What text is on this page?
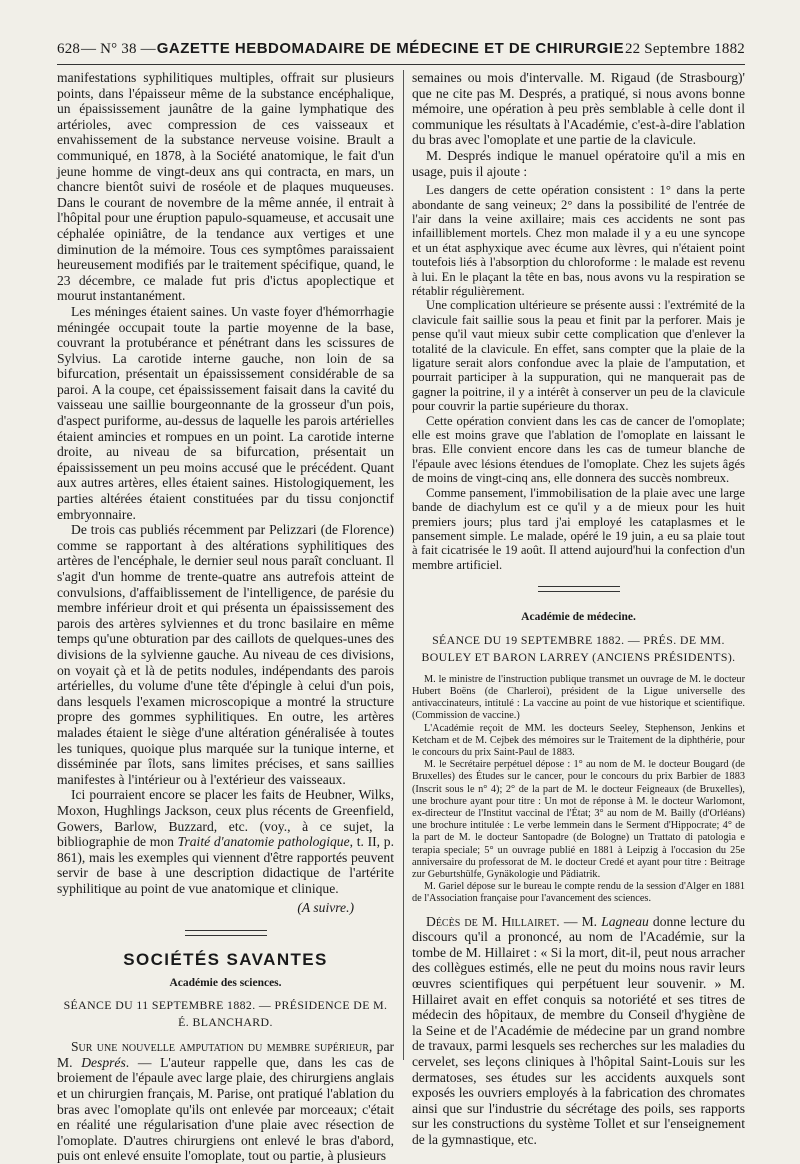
628 — N° 38 — GAZETTE HEBDOMADAIRE DE MÉDECINE ET DE CHIRURGIE 22 Septembre 1882

manifestations syphilitiques multiples, offrait sur plusieurs points, dans l'épaisseur même de la substance encéphalique, un épaississement jaunâtre de la gaine lymphatique des artérioles, avec compression de ces vaisseaux et envahissement de la substance nerveuse voisine. Brault a communiqué, en 1878, à la Société anatomique, le fait d'un jeune homme de vingt-deux ans qui contracta, en mars, un chancre bientôt suivi de roséole et de plaques muqueuses. Dans le courant de novembre de la même année, il entrait à l'hôpital pour une éruption papulo-squameuse, et accusait une céphalée opiniâtre, de la tendance aux vertiges et une diminution de la mémoire. Tous ces symptômes paraissaient heureusement modifiés par le traitement spécifique, quand, le 23 décembre, ce malade fut pris d'ictus apoplectique et mourut instantanément.

Les méninges étaient saines. Un vaste foyer d'hémorrhagie méningée occupait toute la partie moyenne de la base, couvrant la protubérance et pénétrant dans les scissures de Sylvius. La carotide interne gauche, non loin de sa bifurcation, présentait un épaississement considérable de sa paroi. A la coupe, cet épaississement faisait dans la cavité du vaisseau une saillie bourgeonnante de la grosseur d'un pois, d'aspect puriforme, au-dessus de laquelle les parois artérielles étaient amincies et rompues en un point. La carotide interne droite, au niveau de sa bifurcation, présentait un épaississement un peu moins accusé que le précédent. Quant aux autres artères, elles étaient saines. Histologiquement, les parties altérées étaient constituées par du tissu conjonctif embryonnaire.

De trois cas publiés récemment par Pelizzari (de Florence) comme se rapportant à des altérations syphilitiques des artères de l'encéphale, le dernier seul nous paraît concluant. Il s'agit d'un homme de trente-quatre ans autrefois atteint de convulsions, d'affaiblissement de l'intelligence, de parésie du membre inférieur droit et qui présenta un épaississement des parois des artères sylviennes et du tronc basilaire en même temps qu'une obturation par des caillots de quelques-unes des divisions de la sylvienne gauche. Au niveau de ces divisions, on voyait çà et là de petits nodules, indépendants des parois artérielles, du volume d'une tête d'épingle à celui d'un pois, dans lesquels l'examen microscopique a montré la structure propre des gommes syphilitiques. En outre, les artères malades étaient le siège d'une altération généralisée à toutes les tuniques, quoique plus marquée sur la tunique interne, et disséminée par îlots, sans limites précises, et sans saillies manifestes à l'intérieur ou à l'extérieur des vaisseaux.

Ici pourraient encore se placer les faits de Heubner, Wilks, Moxon, Hughlings Jackson, ceux plus récents de Greenfield, Gowers, Barlow, Buzzard, etc. (voy., à ce sujet, la bibliographie de mon Traité d'anatomie pathologique, t. II, p. 861), mais les exemples qui viennent d'être rapportés peuvent servir de base à une description didactique de l'artérite syphilitique au point de vue anatomique et clinique.

(A suivre.)
SOCIÉTÉS SAVANTES
Académie des sciences.
SÉANCE DU 11 SEPTEMBRE 1882. — PRÉSIDENCE DE M. É. BLANCHARD.

Sur une nouvelle amputation du membre supérieur, par M. Després. — L'auteur rappelle que, dans les cas de broiement de l'épaule avec large plaie, des chirurgiens anglais et un chirurgien français, M. Parise, ont pratiqué l'ablation du bras avec l'omoplate qu'ils ont enlevée par morceaux; c'était en réalité une régularisation d'une plaie avec résection de l'omoplate. D'autres chirurgiens ont enlevé le bras d'abord, puis ont enlevé ensuite l'omoplate, tout ou partie, à plusieurs

semaines ou mois d'intervalle. M. Rigaud (de Strasbourg)' que ne cite pas M. Després, a pratiqué, si nous avons bonne mémoire, une opération à peu près semblable à celle dont il communique les résultats à l'Académie, c'est-à-dire l'ablation du bras avec l'omoplate et une partie de la clavicule.

M. Després indique le manuel opératoire qu'il a mis en usage, puis il ajoute :

Les dangers de cette opération consistent : 1° dans la perte abondante de sang veineux; 2° dans la possibilité de l'entrée de l'air dans la veine axillaire; mais ces accidents ne sont pas infailliblement mortels. Chez mon malade il y a eu une syncope et un état asphyxique avec écume aux lèvres, qui n'étaient point toutefois liés à l'absorption du chloroforme : le malade est revenu à lui. En le plaçant la tête en bas, nous avons vu la respiration se rétablir régulièrement.

Une complication ultérieure se présente aussi : l'extrémité de la clavicule fait saillie sous la peau et finit par la perforer. Mais je pense qu'il vaut mieux subir cette complication que d'enlever la totalité de la clavicule. En effet, sans compter que la plaie de la ligature serait alors confondue avec la plaie de l'amputation, et pourrait participer à la suppuration, qui ne manquerait pas de gagner la poitrine, il y a intérêt à conserver un peu de la clavicule pour couvrir la partie supérieure du thorax.

Cette opération convient dans les cas de cancer de l'omoplate; elle est moins grave que l'ablation de l'omoplate en laissant le bras. Elle convient encore dans les cas de tumeur blanche de l'épaule avec lésions étendues de l'omoplate. Chez les sujets âgés de moins de vingt-cinq ans, elle donnera des succès nombreux.

Comme pansement, l'immobilisation de la plaie avec une large bande de diachylum est ce qu'il y a de mieux pour les huit premiers jours; plus tard j'ai employé les cataplasmes et le pansement simple. Le malade, opéré le 19 juin, a eu sa plaie tout à fait cicatrisée le 19 août. Il attend aujourd'hui la confection d'un membre artificiel.

Académie de médecine.
SÉANCE DU 19 SEPTEMBRE 1882. — PRÉS. DE MM. BOULEY ET BARON LARREY (ANCIENS PRÉSIDENTS).

M. le ministre de l'instruction publique transmet un ouvrage de M. le docteur Hubert Boëns (de Charleroi), président de la Ligue universelle des antivaccinateurs, intitulé : La vaccine au point de vue historique et scientifique. (Commission de vaccine.)

L'Académie reçoit de MM. les docteurs Seeley, Stephenson, Jenkins et Ketcham et de M. Cejbek des mémoires sur le Traitement de la diphthérie, pour le concours du prix Saint-Paul de 1883.

M. le Secrétaire perpétuel dépose : 1° au nom de M. le docteur Bougard (de Bruxelles) des Études sur le cancer, pour le concours du prix Barbier de 1883 (Inscrit sous le n° 4); 2° de la part de M. le docteur Feigneaux (de Bruxelles), une brochure ayant pour titre : Un mot de réponse à M. le docteur Warlomont, ex-directeur de l'Institut vaccinal de l'État; 3° au nom de M. Bailly (d'Orléans) une brochure intitulée : Le verbe lemmein dans le Serment d'Hippocrate; 4° de la part de M. le docteur Santopadre (de Bologne) un Trattato di patologia e terapia speciale; 5° un ouvrage publié en 1881 à Leipzig à l'occasion du 25e anniversaire du professorat de M. le docteur Credé et ayant pour titre : Beitrage zur Geburtshülfe, Gynäkologie und Pädiatrik.

M. Gariel dépose sur le bureau le compte rendu de la session d'Alger en 1881 de l'Association française pour l'avancement des sciences.

Décès de M. Hillairet. — M. Lagneau donne lecture du discours qu'il a prononcé, au nom de l'Académie, sur la tombe de M. Hillairet : « Si la mort, dit-il, peut nous arracher des collègues estimés, elle ne peut du moins nous ravir leurs œuvres scientifiques qui perpétuent leur souvenir. » M. Hillairet avait en effet conquis sa notoriété et ses titres de médecin des hôpitaux, de membre du Conseil d'hygiène de la Seine et de l'Académie de médecine par un grand nombre de travaux, parmi lesquels ses recherches sur les maladies du cervelet, ses leçons cliniques à l'hôpital Saint-Louis sur les dermatoses, ses études sur les accidents auxquels sont exposés les ouvriers employés à la fabrication des chromates ainsi que sur l'industrie du sécrétage des poils, ses rapports sur les constructions du système Tollet et sur l'enseignement de la gymnastique, etc.
